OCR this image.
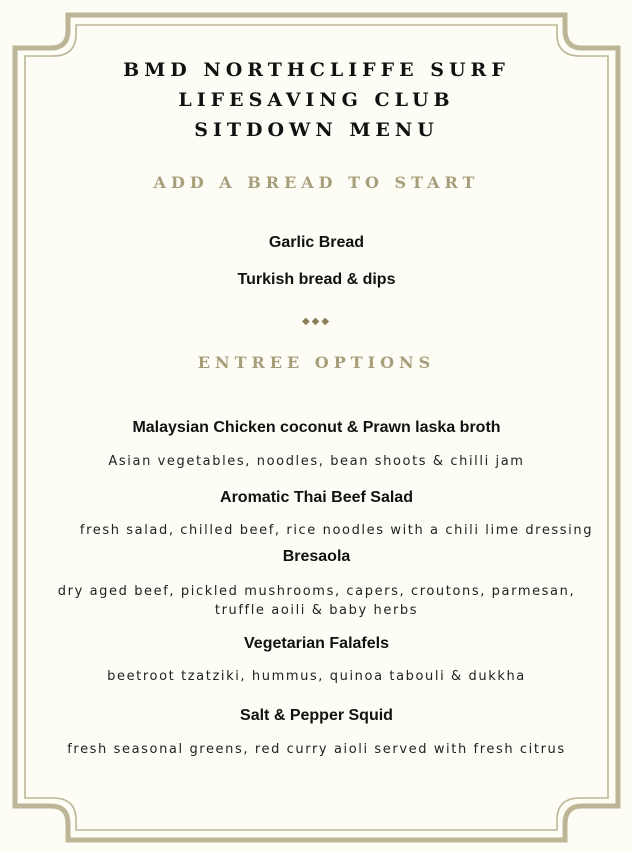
BMD NORTHCLIFFE SURF
LIFESAVING CLUB
SITDOWN MENU
ADD A BREAD TO START
Garlic Bread
Turkish bread & dips
◆◆◆
ENTREE OPTIONS
Malaysian Chicken coconut & Prawn laska broth
Asian vegetables, noodles, bean shoots & chilli jam
Aromatic Thai Beef Salad
fresh salad, chilled beef, rice noodles with a chili lime dressing
Bresaola
dry aged beef, pickled mushrooms, capers, croutons, parmesan, truffle aoili & baby herbs
Vegetarian Falafels
beetroot tzatziki, hummus, quinoa tabouli & dukkha
Salt & Pepper Squid
fresh seasonal greens, red curry aioli served with fresh citrus
